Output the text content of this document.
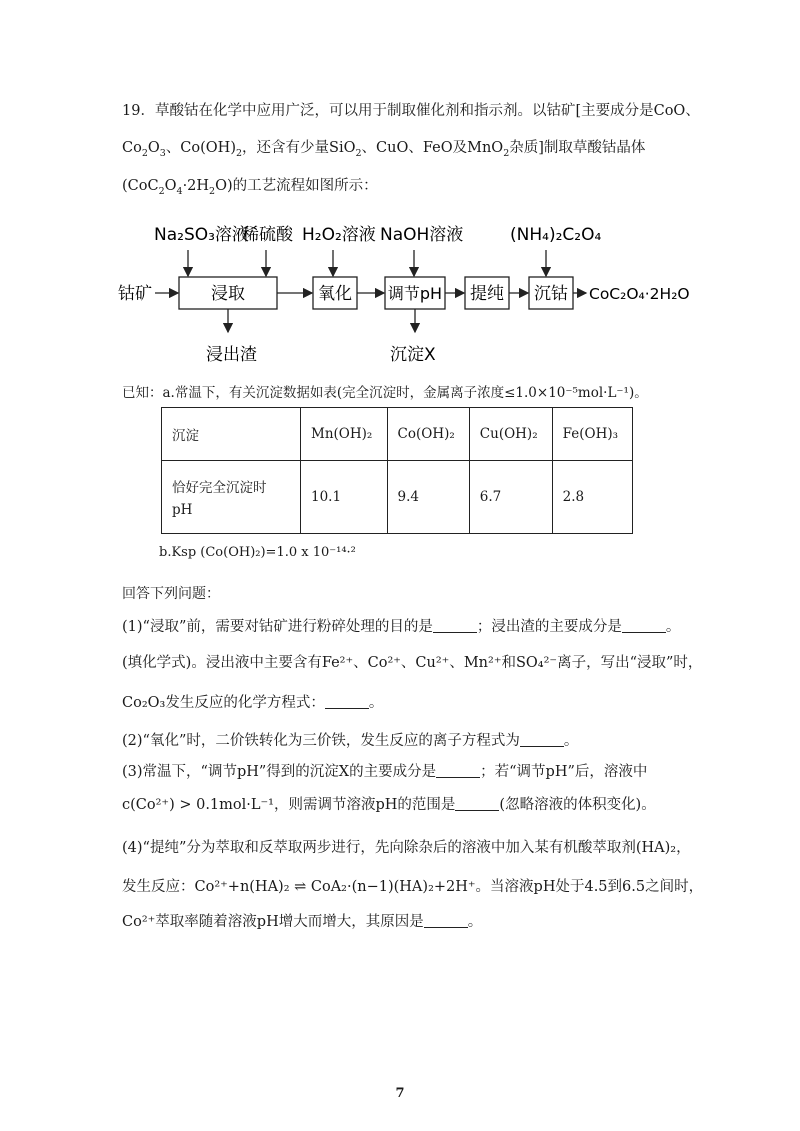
19．草酸钴在化学中应用广泛，可以用于制取催化剂和指示剂。以钴矿[主要成分是CoO、
$Co_2O_3$、$Co(OH)_2$，还含有少量SiO$_2$、CuO、FeO及MnO$_2$杂质]制取草酸钴晶体
$(CoC_2O_4\cdot 2H_2O)$的工艺流程如图所示：
Na₂SO₃溶液
稀硫酸 H₂O₂溶液 NaOH溶液	(NH₄)₂C₂O₄
钴矿	浸取	氧化 调节pH 提纯 沉钴 CoC₂O₄·2H₂O
浸出渣	沉淀X
已知：a.常温下，有关沉淀数据如表(完全沉淀时，金属离子浓度≤1.0×10⁻⁵mol·L⁻¹)。
沉淀	Mn(OH)₂	Co(OH)₂	Cu(OH)₂	Fe(OH)₃

恰好完全沉淀时
pH	10.1	9.4	6.7	2.8
b.Ksp (Co(OH)₂)=1.0 x 10⁻¹⁴·²
回答下列问题：
(1)“浸取”前，需要对钴矿进行粉碎处理的目的是	；浸出渣的主要成分是	。
(填化学式)。浸出液中主要含有Fe²⁺、Co²⁺、Cu²⁺、Mn²⁺和SO₄²⁻离子，写出“浸取”时，
Co₂O₃发生反应的化学方程式：	。
(2)“氧化”时，二价铁转化为三价铁，发生反应的离子方程式为	。
(3)常温下，“调节pH”得到的沉淀X的主要成分是	；若“调节pH”后，溶液中
c(Co²⁺) > 0.1mol·L⁻¹，则需调节溶液pH的范围是	(忽略溶液的体积变化)。
(4)“提纯”分为萃取和反萃取两步进行，先向除杂后的溶液中加入某有机酸萃取剂(HA)₂，
发生反应：Co²⁺+n(HA)₂ ⇌ CoA₂·(n−1)(HA)₂+2H⁺。当溶液pH处于4.5到6.5之间时，
Co²⁺萃取率随着溶液pH增大而增大，其原因是	。
7
